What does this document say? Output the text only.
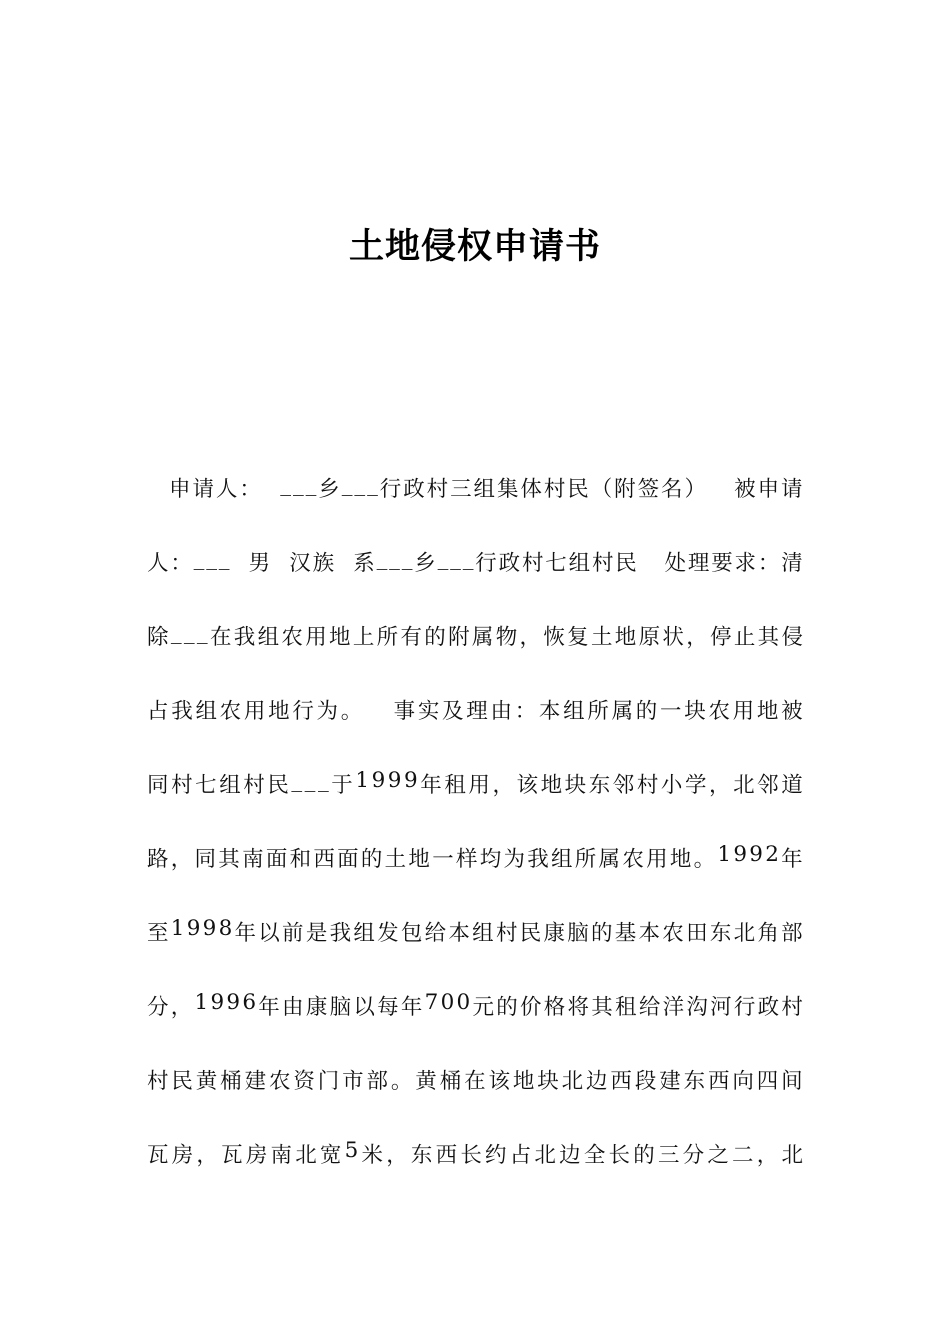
土地侵权申请书
申 请 人 ：

_ _ _ 乡 _ _ _ 行 政 村 三 组 集 体 村 民 （ 附 签 名 ）

被 申 请
人 ： _ _ _

男

汉 族

系 _ _ _ 乡 _ _ _ 行 政 村 七 组 村 民

处 理 要 求 ： 清
除 _ _ _ 在 我 组 农 用 地 上 所 有 的 附 属 物 ， 恢 复 土 地 原 状 ， 停 止 其 侵
占 我 组 农 用 地 行 为 。

事 实 及 理 由 ： 本 组 所 属 的 一 块 农 用 地 被
同 村 七 组 村 民 _ _ _ 于 1 9 9 9 年 租 用 ， 该 地 块 东 邻 村 小 学 ， 北 邻 道
路 ， 同 其 南 面 和 西 面 的 土 地 一 样 均 为 我 组 所 属 农 用 地 。 1 9 9 2 年
至 1 9 9 8 年 以 前 是 我 组 发 包 给 本 组 村 民 康 脑 的 基 本 农 田 东 北 角 部
分 ， 1 9 9 6 年 由 康 脑 以 每 年 7 0 0 元 的 价 格 将 其 租 给 洋 沟 河 行 政 村
村 民 黄 桶 建 农 资 门 市 部 。 黄 桶 在 该 地 块 北 边 西 段 建 东 西 向 四 间
瓦 房 ， 瓦 房 南 北 宽 5 米 ， 东 西 长 约 占 北 边 全 长 的 三 分 之 二 ， 北
